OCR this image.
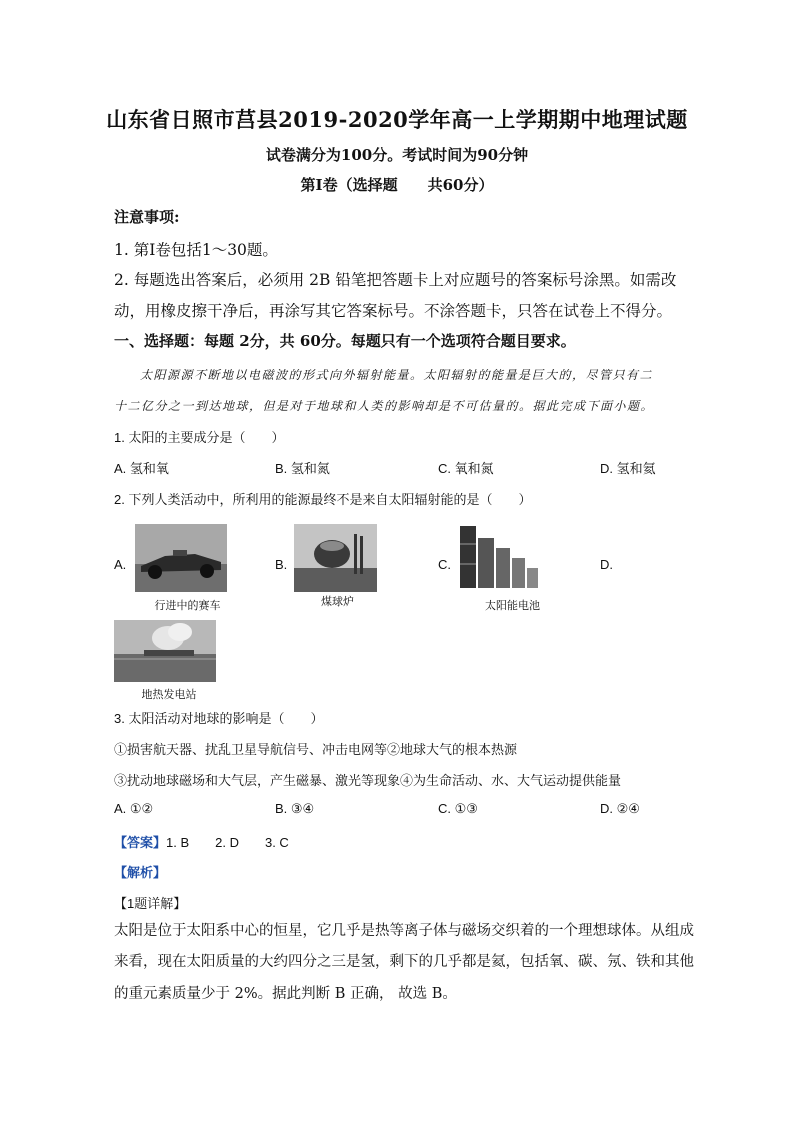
山东省日照市莒县2019-2020学年高一上学期期中地理试题
试卷满分为100分。考试时间为90分钟
第I卷（选择题　　共60分）
注意事项:
1. 第I卷包括1～30题。
2. 每题选出答案后，必须用 2B 铅笔把答题卡上对应题号的答案标号涂黑。如需改
动，用橡皮擦干净后，再涂写其它答案标号。不涂答题卡，只答在试卷上不得分。
一、选择题：每题 2分，共 60分。每题只有一个选项符合题目要求。
太阳源源不断地以电磁波的形式向外辐射能量。太阳辐射的能量是巨大的，尽管只有二
十二亿分之一到达地球，但是对于地球和人类的影响却是不可估量的。据此完成下面小题。
1. 太阳的主要成分是（　　）
A. 氢和氧	B. 氢和氮	C. 氧和氮	D. 氢和氦
2. 下列人类活动中，所利用的能源最终不是来自太阳辐射能的是（　　）
A.
行进中的赛车
B.
煤球炉
C.
太阳能电池
D.
地热发电站
3. 太阳活动对地球的影响是（　　）
①损害航天器、扰乱卫星导航信号、冲击电网等②地球大气的根本热源
③扰动地球磁场和大气层，产生磁暴、激光等现象④为生命活动、水、大气运动提供能量
A. ①②	B. ③④	C. ①③	D. ②④
【答案】1. B　　2. D　　3. C
【解析】
【1题详解】
太阳是位于太阳系中心的恒星，它几乎是热等离子体与磁场交织着的一个理想球体。从组成
来看，现在太阳质量的大约四分之三是氢，剩下的几乎都是氦，包括氧、碳、氖、铁和其他
的重元素质量少于 2%。据此判断 B 正确， 故选 B。
